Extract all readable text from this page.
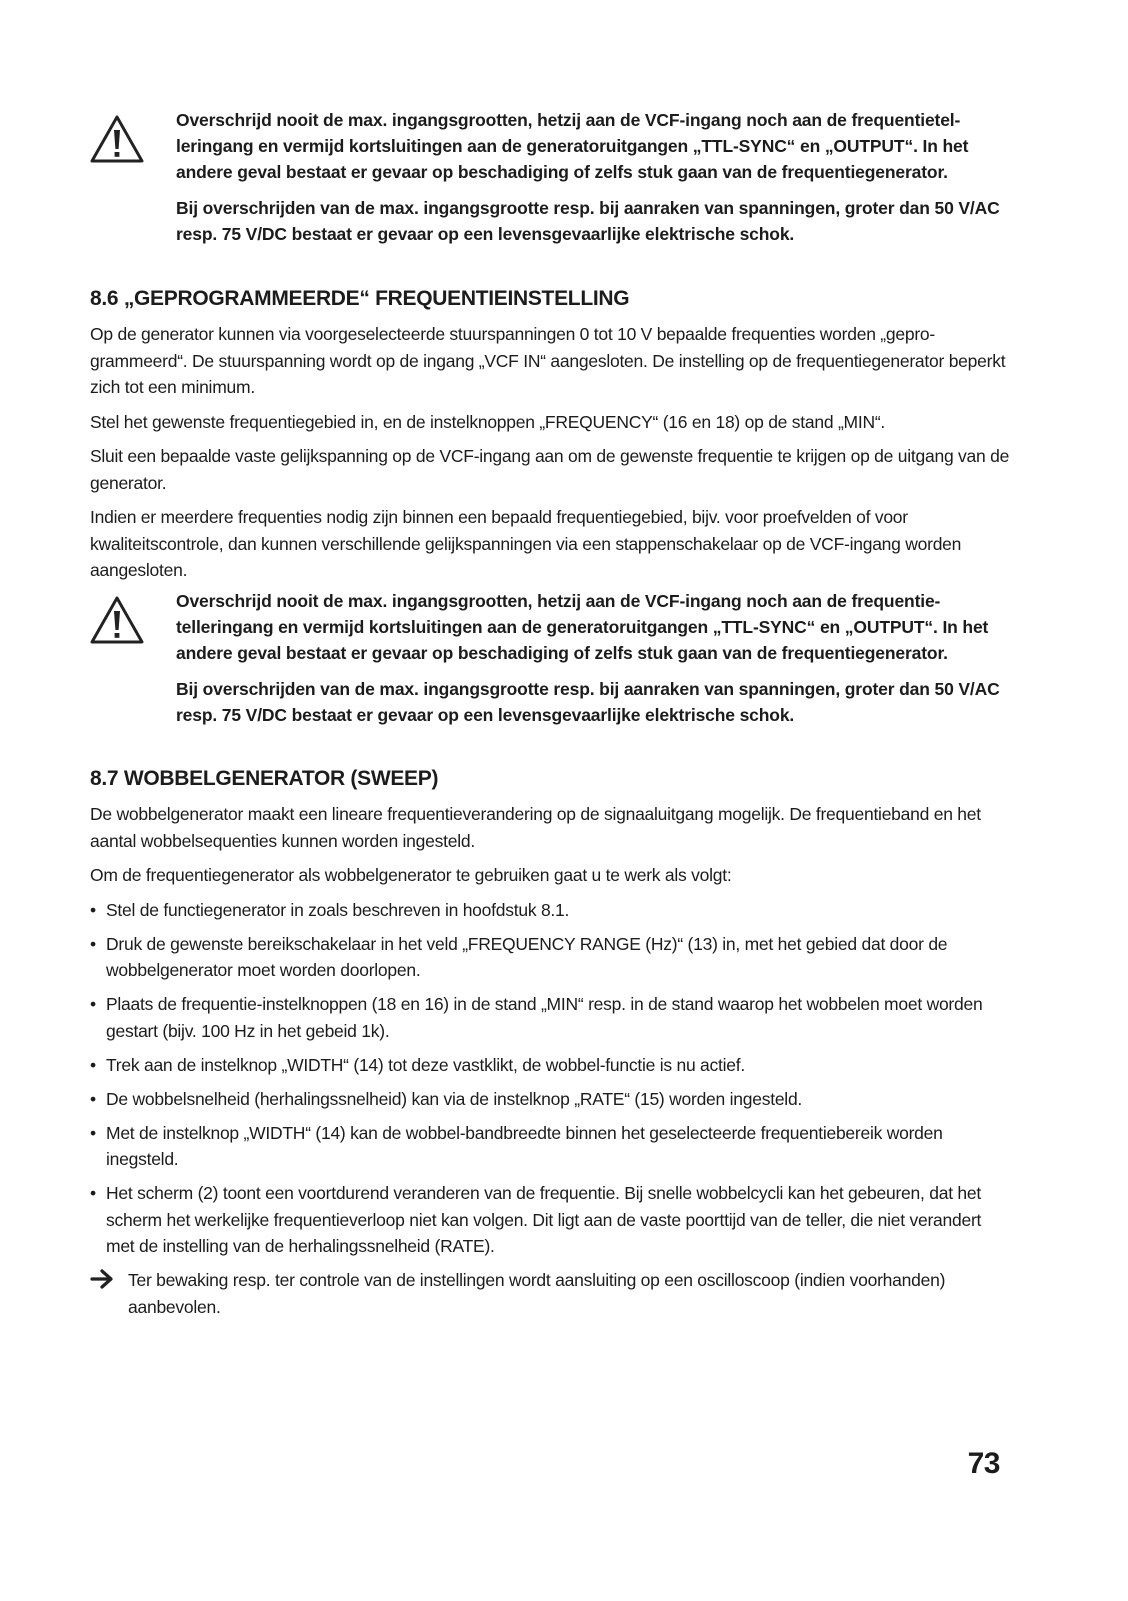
Overschrijd nooit de max. ingangsgrootten, hetzij aan de VCF-ingang noch aan de frequentietel-leringang en vermijd kortsluitingen aan de generatoruitgangen „TTL-SYNC“ en „OUTPUT“. In het andere geval bestaat er gevaar op beschadiging of zelfs stuk gaan van de frequentiegenerator.

Bij overschrijden van de max. ingangsgrootte resp. bij aanraken van spanningen, groter dan 50 V/AC resp. 75 V/DC bestaat er gevaar op een levensgevaarlijke elektrische schok.

8.6 „GEPROGRAMMEERDE“ FREQUENTIEINSTELLING

Op de generator kunnen via voorgeselecteerde stuurspanningen 0 tot 10 V bepaalde frequenties worden „gepro-grammeerd“. De stuurspanning wordt op de ingang „VCF IN“ aangesloten. De instelling op de frequentiegenerator beperkt zich tot een minimum.

Stel het gewenste frequentiegebied in, en de instelknoppen „FREQUENCY“ (16 en 18) op de stand „MIN“.

Sluit een bepaalde vaste gelijkspanning op de VCF-ingang aan om de gewenste frequentie te krijgen op de uitgang van de generator.

Indien er meerdere frequenties nodig zijn binnen een bepaald frequentiegebied, bijv. voor proefvelden of voor kwaliteitscontrole, dan kunnen verschillende gelijkspanningen via een stappenschakelaar op de VCF-ingang worden aangesloten.

Overschrijd nooit de max. ingangsgrootten, hetzij aan de VCF-ingang noch aan de frequentie-telleringang en vermijd kortsluitingen aan de generatoruitgangen „TTL-SYNC“ en „OUTPUT“. In het andere geval bestaat er gevaar op beschadiging of zelfs stuk gaan van de frequentiegenerator.

Bij overschrijden van de max. ingangsgrootte resp. bij aanraken van spanningen, groter dan 50 V/AC resp. 75 V/DC bestaat er gevaar op een levensgevaarlijke elektrische schok.

8.7 WOBBELGENERATOR (SWEEP)

De wobbelgenerator maakt een lineare frequentieverandering op de signaaluitgang mogelijk. De frequentieband en het aantal wobbelsequenties kunnen worden ingesteld.

Om de frequentiegenerator als wobbelgenerator te gebruiken gaat u te werk als volgt:

• Stel de functiegenerator in zoals beschreven in hoofdstuk 8.1.
• Druk de gewenste bereikschakelaar in het veld „FREQUENCY RANGE (Hz)“ (13) in, met het gebied dat door de wobbelgenerator moet worden doorlopen.
• Plaats de frequentie-instelknoppen (18 en 16) in de stand „MIN“ resp. in de stand waarop het wobbelen moet worden gestart (bijv. 100 Hz in het gebeid 1k).
• Trek aan de instelknop „WIDTH“ (14) tot deze vastklikt, de wobbel-functie is nu actief.
• De wobbelsnelheid (herhalingssnelheid) kan via de instelknop „RATE“ (15) worden ingesteld.
• Met de instelknop „WIDTH“ (14) kan de wobbel-bandbreedte binnen het geselecteerde frequentiebereik worden inegsteld.
• Het scherm (2) toont een voortdurend veranderen van de frequentie. Bij snelle wobbelcycli kan het gebeuren, dat het scherm het werkelijke frequentieverloop niet kan volgen. Dit ligt aan de vaste poorttijd van de teller, die niet verandert met de instelling van de herhalingssnelheid (RATE).
Ter bewaking resp. ter controle van de instellingen wordt aansluiting op een oscilloscoop (indien voorhanden) aanbevolen.
73
